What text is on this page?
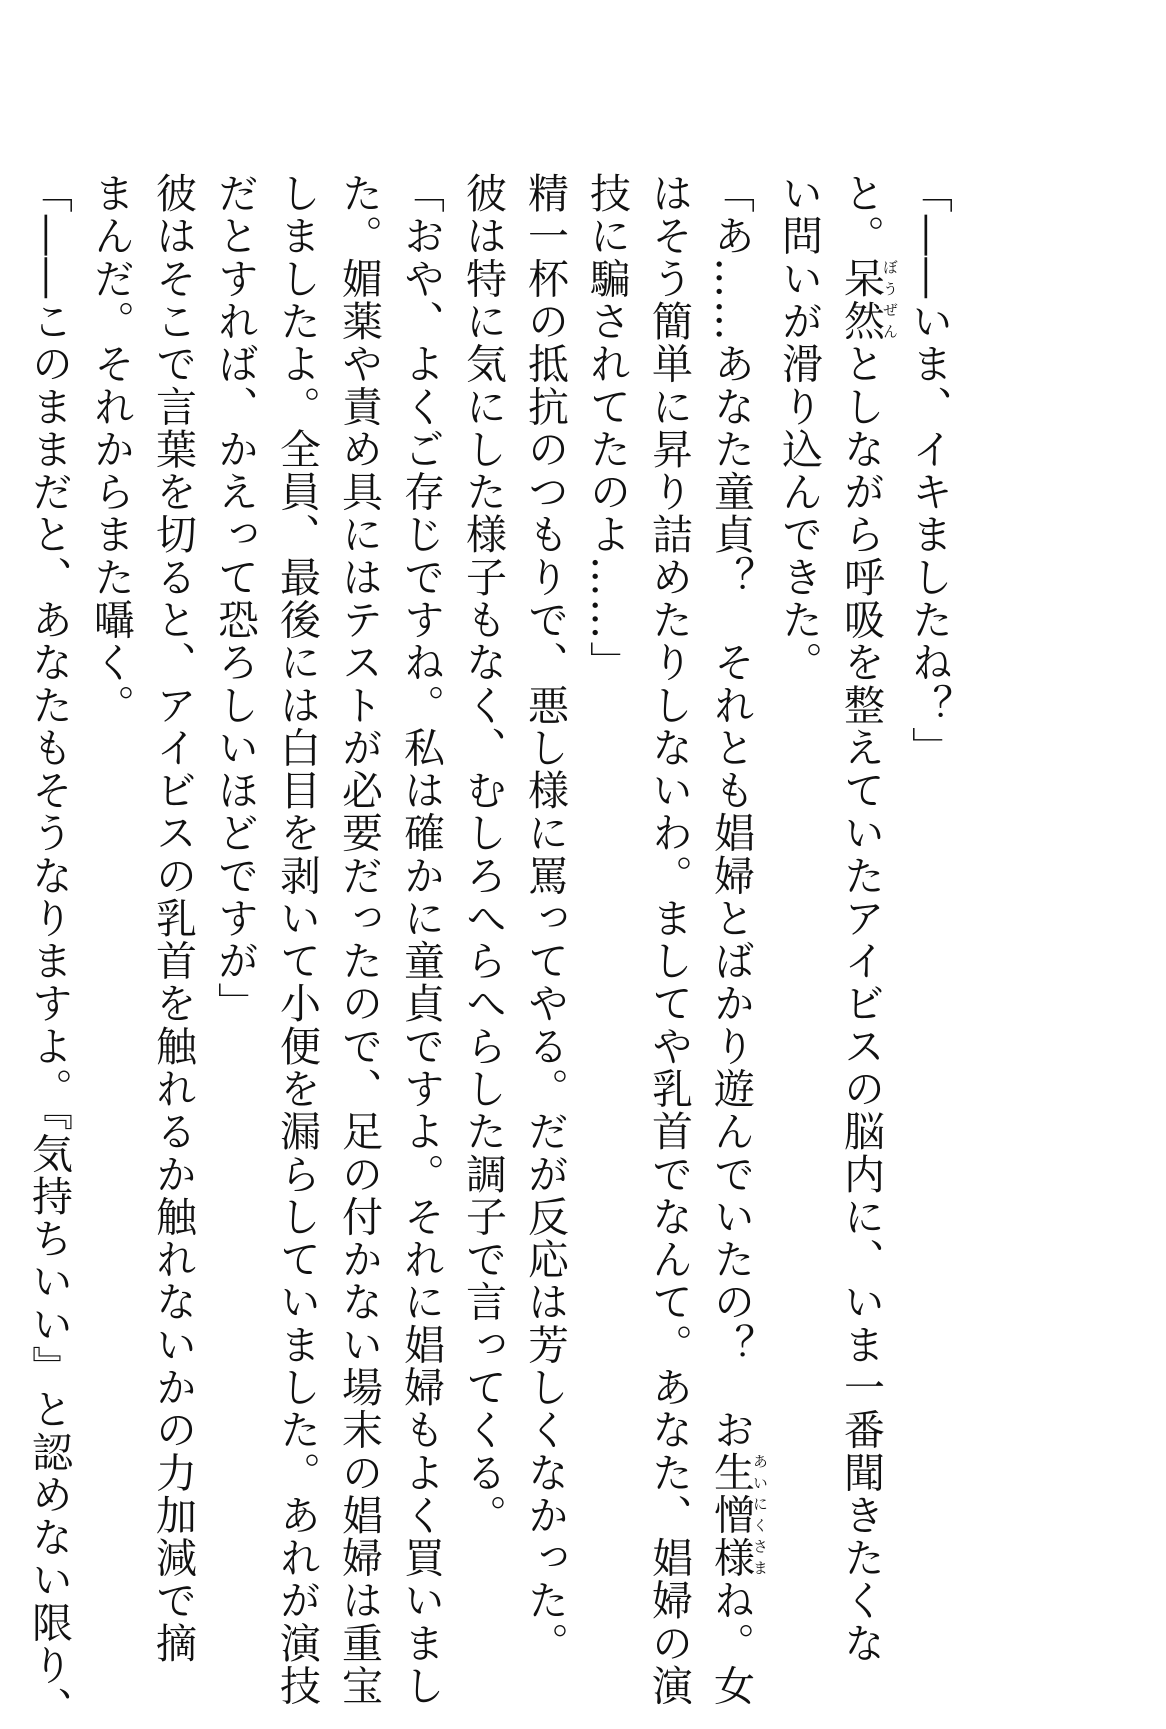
「――いま、イキましたね？」
と。呆然ぼうぜんとしながら呼吸を整えていたアイビスの脳内に、いま一番聞きたくな
い問いが滑り込んできた。
「あ……あなた童貞？　それとも娼婦とばかり遊んでいたの？　お生憎様あいにくさまね。女
はそう簡単に昇り詰めたりしないわ。ましてや乳首でなんて。あなた、娼婦の演
技に騙されてたのよ……」
精一杯の抵抗のつもりで、悪し様に罵ってやる。だが反応は芳しくなかった。
彼は特に気にした様子もなく、むしろへらへらした調子で言ってくる。
「おや、よくご存じですね。私は確かに童貞ですよ。それに娼婦もよく買いまし
た。媚薬や責め具にはテストが必要だったので、足の付かない場末の娼婦は重宝
しましたよ。全員、最後には白目を剥いて小便を漏らしていました。あれが演技
だとすれば、かえって恐ろしいほどですが」
彼はそこで言葉を切ると、アイビスの乳首を触れるか触れないかの力加減で摘
まんだ。それからまた囁く。
「――このままだと、あなたもそうなりますよ。『気持ちいい』と認めない限り、
